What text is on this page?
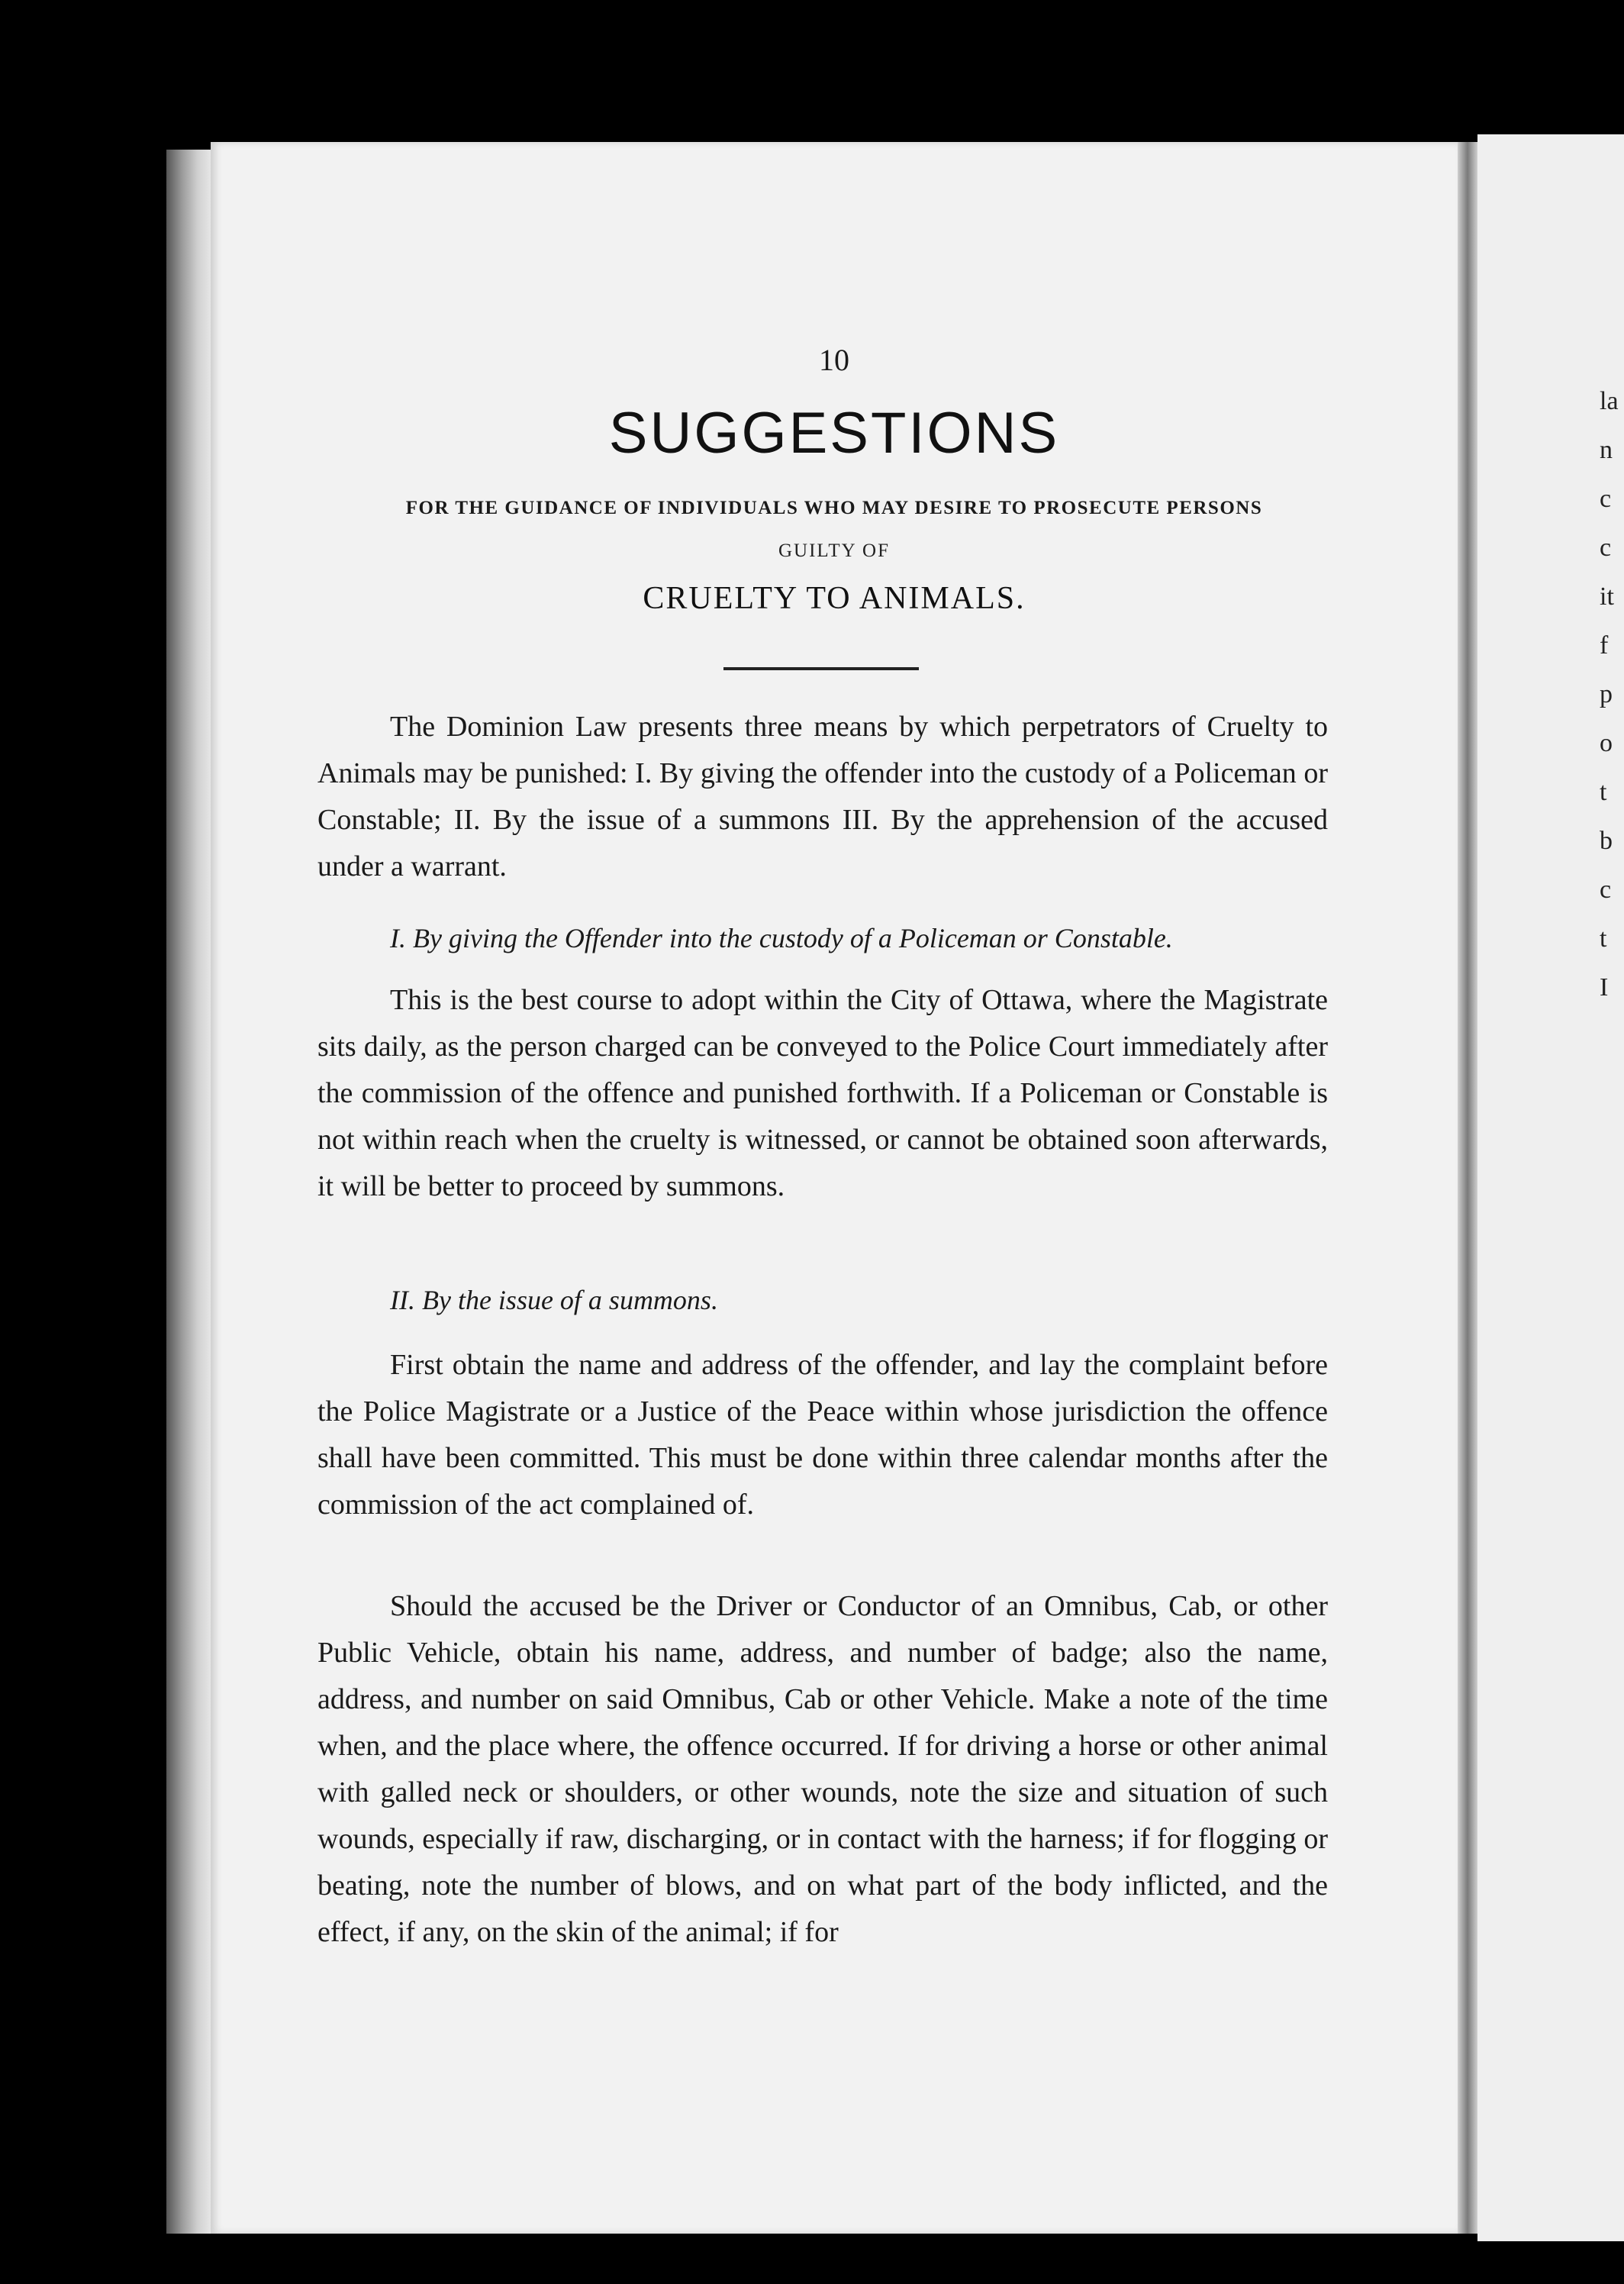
la
n
c
c
it
f
p
o
t
b
c
t
I
10
SUGGESTIONS
FOR THE GUIDANCE OF INDIVIDUALS WHO MAY DESIRE TO PROSECUTE PERSONS
GUILTY OF
CRUELTY TO ANIMALS.

The Dominion Law presents three means by which perpetrators of Cruelty to Animals may be punished: I. By giving the offender into the custody of a Policeman or Constable; II. By the issue of a summons III. By the apprehension of the accused under a warrant.

I. By giving the Offender into the custody of a Policeman or Constable.

This is the best course to adopt within the City of Ottawa, where the Magistrate sits daily, as the person charged can be conveyed to the Police Court immediately after the commission of the offence and punished forthwith. If a Policeman or Constable is not within reach when the cruelty is witnessed, or cannot be obtained soon afterwards, it will be better to proceed by summons.

II. By the issue of a summons.

First obtain the name and address of the offender, and lay the complaint before the Police Magistrate or a Justice of the Peace within whose jurisdiction the offence shall have been committed. This must be done within three calendar months after the commission of the act complained of.

Should the accused be the Driver or Conductor of an Omnibus, Cab, or other Public Vehicle, obtain his name, address, and number of badge; also the name, address, and number on said Omnibus, Cab or other Vehicle. Make a note of the time when, and the place where, the offence occurred. If for driving a horse or other animal with galled neck or shoulders, or other wounds, note the size and situation of such wounds, especially if raw, discharging, or in contact with the harness; if for flogging or beating, note the number of blows, and on what part of the body inflicted, and the effect, if any, on the skin of the animal; if for
